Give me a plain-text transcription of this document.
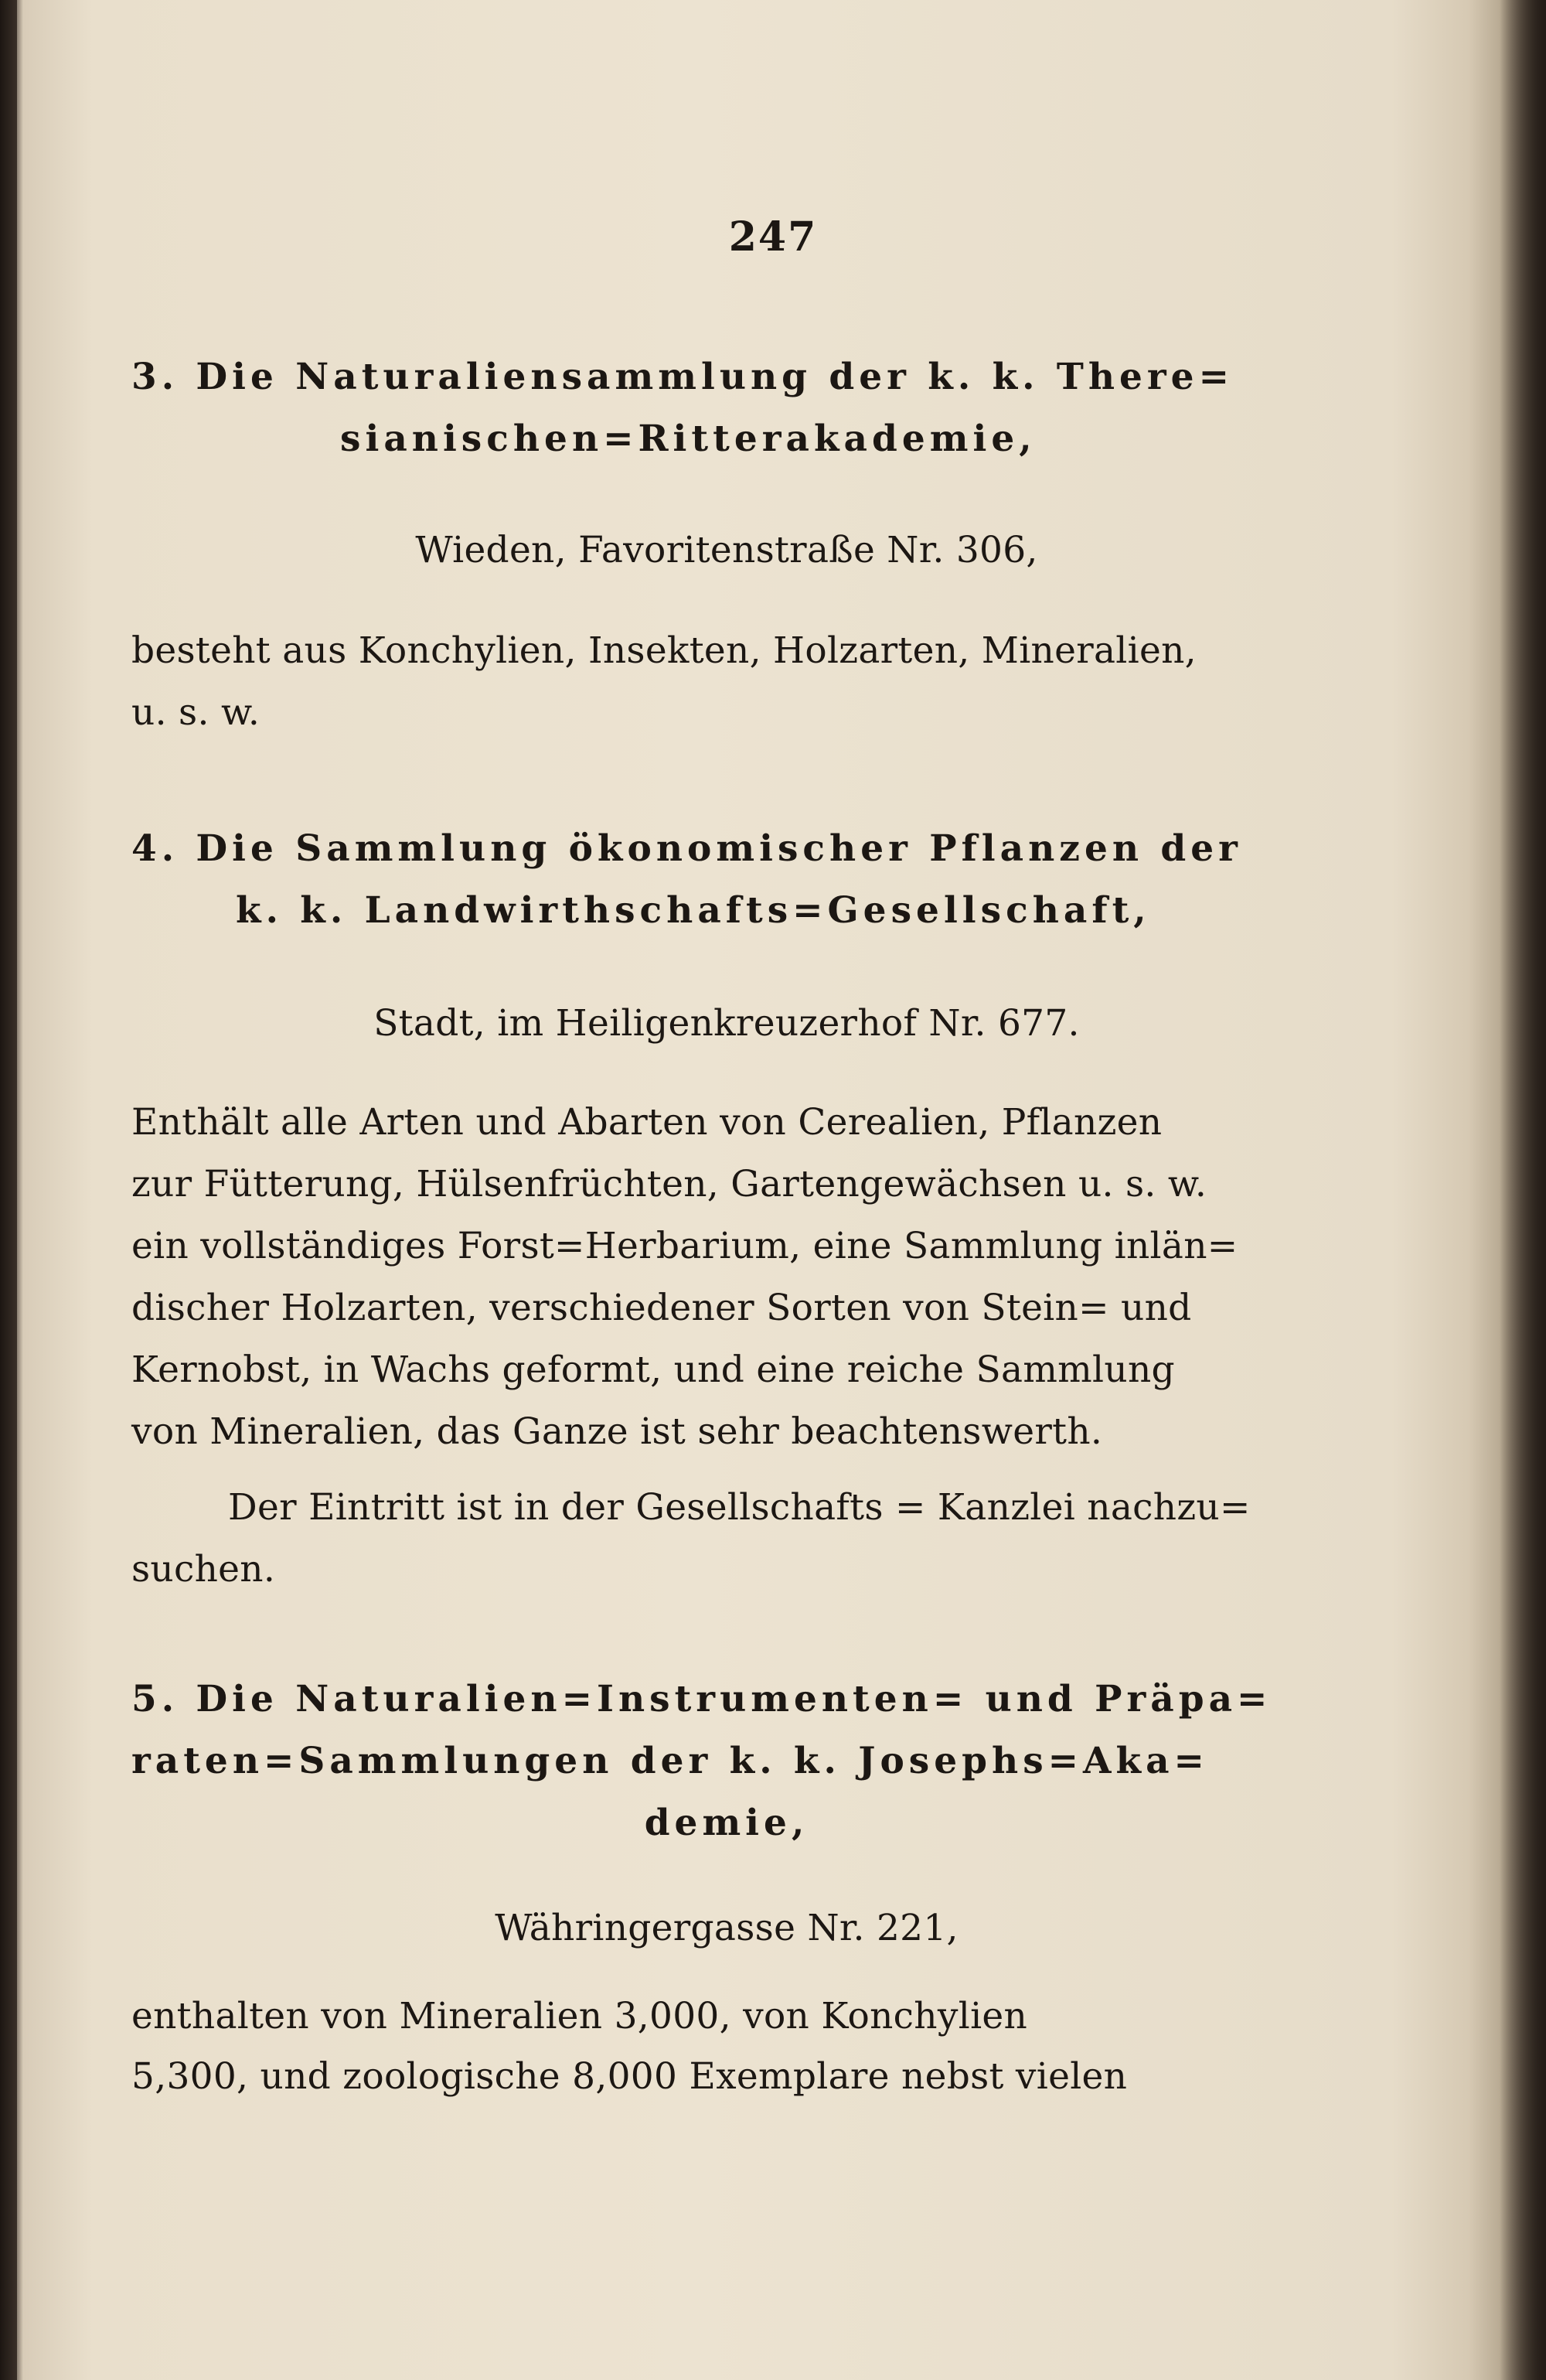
247
3. Die Naturaliensammlung der k. k. There=
sianischen=Ritterakademie,
Wieden, Favoritenstraße Nr. 306,
besteht aus Konchylien, Insekten, Holzarten, Mineralien,
u. s. w.
4. Die Sammlung ökonomischer Pflanzen der
k. k. Landwirthschafts=Gesellschaft,
Stadt, im Heiligenkreuzerhof Nr. 677.
Enthält alle Arten und Abarten von Cerealien, Pflanzen
zur Fütterung, Hülsenfrüchten, Gartengewächsen u. s. w.
ein vollständiges Forst=Herbarium, eine Sammlung inlän=
discher Holzarten, verschiedener Sorten von Stein= und
Kernobst, in Wachs geformt, und eine reiche Sammlung
von Mineralien, das Ganze ist sehr beachtenswerth.
Der Eintritt ist in der Gesellschafts = Kanzlei nachzu=
suchen.
5. Die Naturalien=Instrumenten= und Präpa=
raten=Sammlungen der k. k. Josephs=Aka=
demie,
Währingergasse Nr. 221,
enthalten von Mineralien 3,000, von Konchylien
5,300, und zoologische 8,000 Exemplare nebst vielen
